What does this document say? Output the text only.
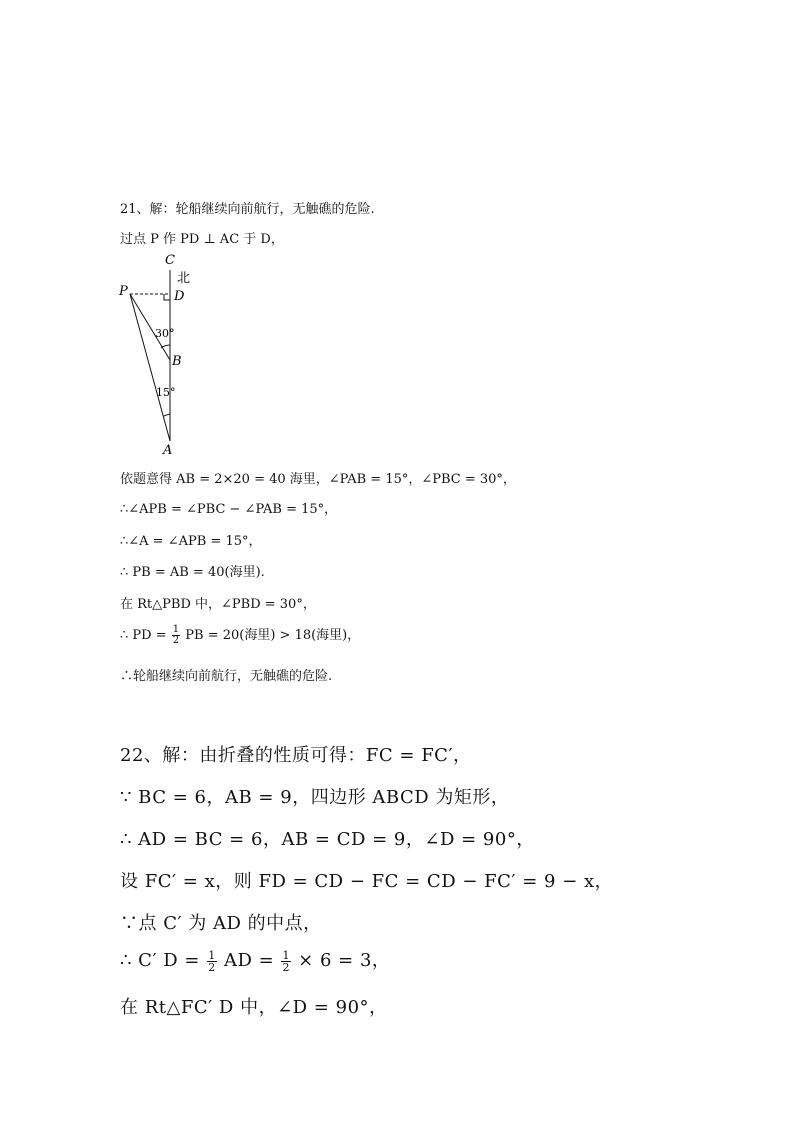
21、解：轮船继续向前航行，无触礁的危险.
过点 P 作 PD ⊥ AC 于 D，
C
北
P	D
30°
B
15°
A
依题意得 AB = 2×20 = 40 海里，∠PAB = 15°，∠PBC = 30°，
∴∠APB = ∠PBC − ∠PAB = 15°，
∴∠A = ∠APB = 15°，
∴ PB = AB = 40(海里).
在 Rt△PBD 中，∠PBD = 30°，
∴ PD = $\frac{1}{2}$ PB = 20(海里) > 18(海里)，
∴轮船继续向前航行，无触礁的危险.
22、解：由折叠的性质可得：FC = FC′，
∵ BC = 6，AB = 9，四边形 ABCD 为矩形，
∴ AD = BC = 6，AB = CD = 9，∠D = 90°，
设 FC′ = x，则 FD = CD − FC = CD − FC′ = 9 − x，
∵点 C′ 为 AD 的中点，
∴ C′ $D = \frac{1}{2}$ AD = $\frac{1}{2} \times 6 = 3$，
在 Rt△FC′ D 中，∠D = 90°，
